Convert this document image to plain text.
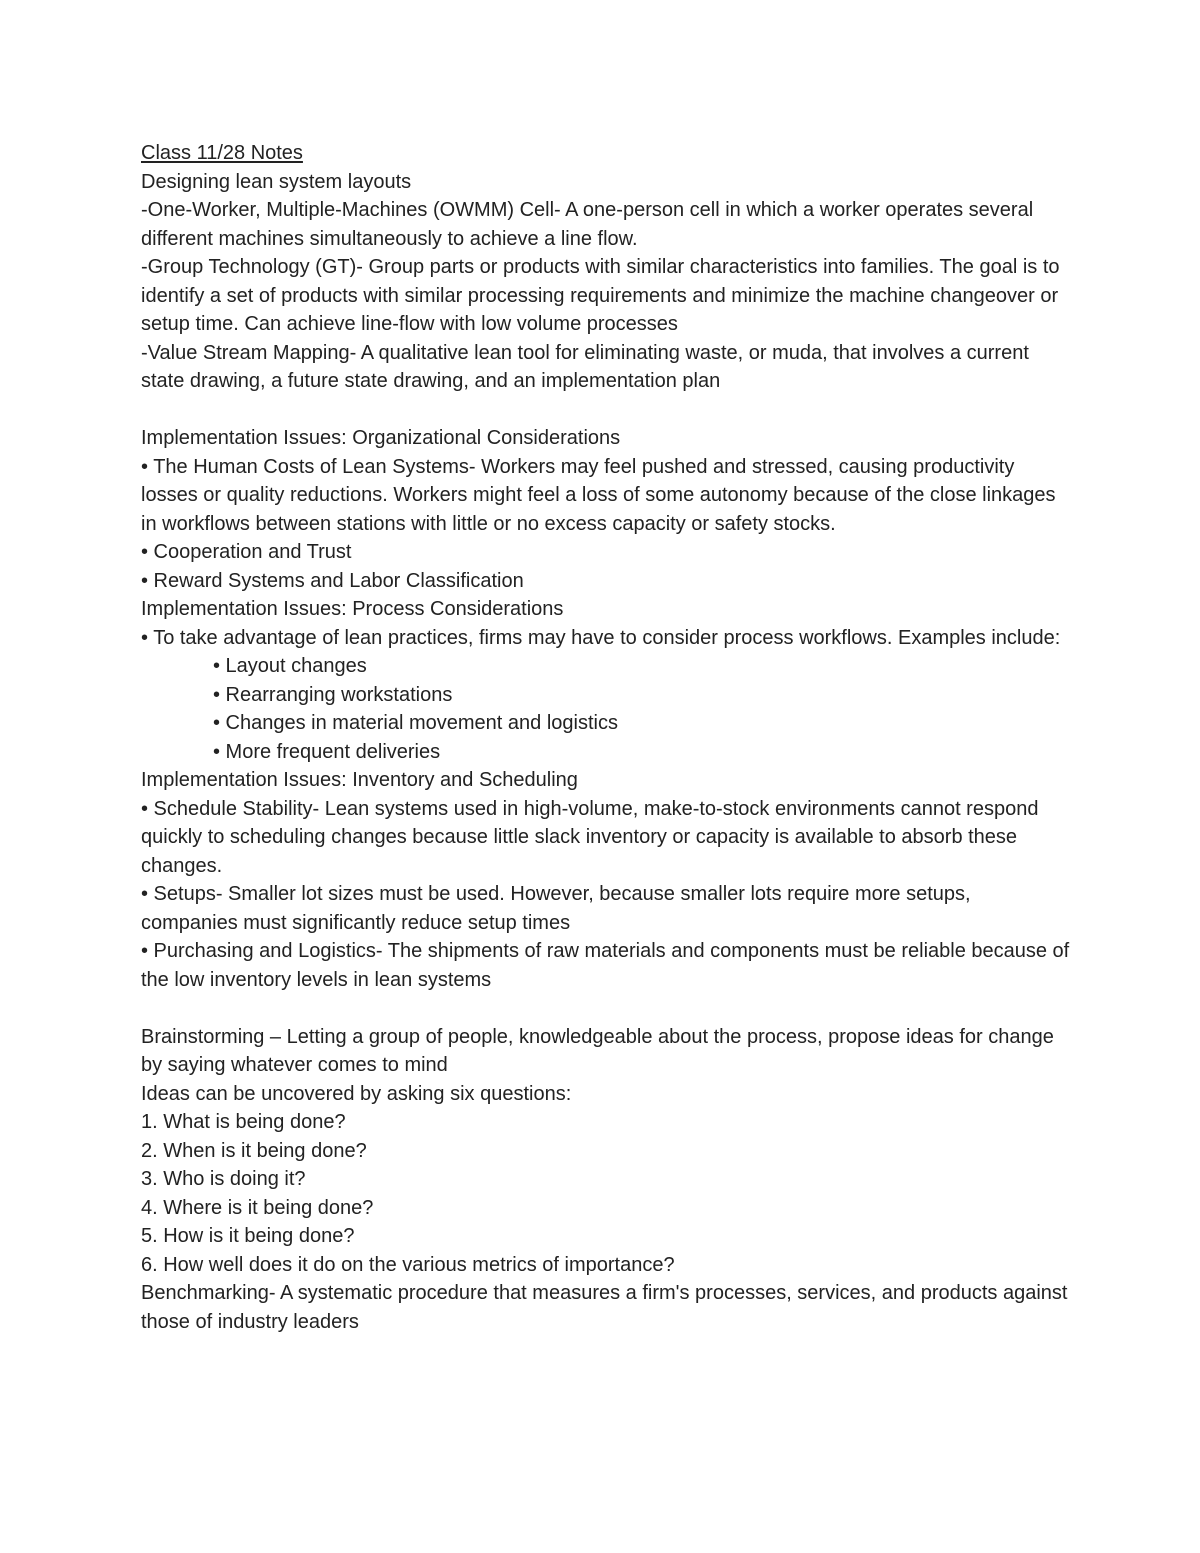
Class 11/28 Notes
Designing lean system layouts
-One-Worker, Multiple-Machines (OWMM) Cell- A one-person cell in which a worker operates several different machines simultaneously to achieve a line flow.
-Group Technology (GT)- Group parts or products with similar characteristics into families. The goal is to identify a set of products with similar processing requirements and minimize the machine changeover or setup time. Can achieve line-flow with low volume processes
-Value Stream Mapping- A qualitative lean tool for eliminating waste, or muda, that involves a current state drawing, a future state drawing, and an implementation plan
Implementation Issues: Organizational Considerations
• The Human Costs of Lean Systems- Workers may feel pushed and stressed, causing productivity losses or quality reductions. Workers might feel a loss of some autonomy because of the close linkages in workflows between stations with little or no excess capacity or safety stocks.
• Cooperation and Trust
• Reward Systems and Labor Classification
Implementation Issues: Process Considerations
• To take advantage of lean practices, firms may have to consider process workflows. Examples include:
• Layout changes
• Rearranging workstations
• Changes in material movement and logistics
• More frequent deliveries
Implementation Issues: Inventory and Scheduling
• Schedule Stability- Lean systems used in high-volume, make-to-stock environments cannot respond quickly to scheduling changes because little slack inventory or capacity is available to absorb these changes.
• Setups- Smaller lot sizes must be used. However, because smaller lots require more setups, companies must significantly reduce setup times
• Purchasing and Logistics- The shipments of raw materials and components must be reliable because of the low inventory levels in lean systems
Brainstorming – Letting a group of people, knowledgeable about the process, propose ideas for change by saying whatever comes to mind
Ideas can be uncovered by asking six questions:
1. What is being done?
2. When is it being done?
3. Who is doing it?
4. Where is it being done?
5. How is it being done?
6. How well does it do on the various metrics of importance?
Benchmarking- A systematic procedure that measures a firm's processes, services, and products against those of industry leaders
